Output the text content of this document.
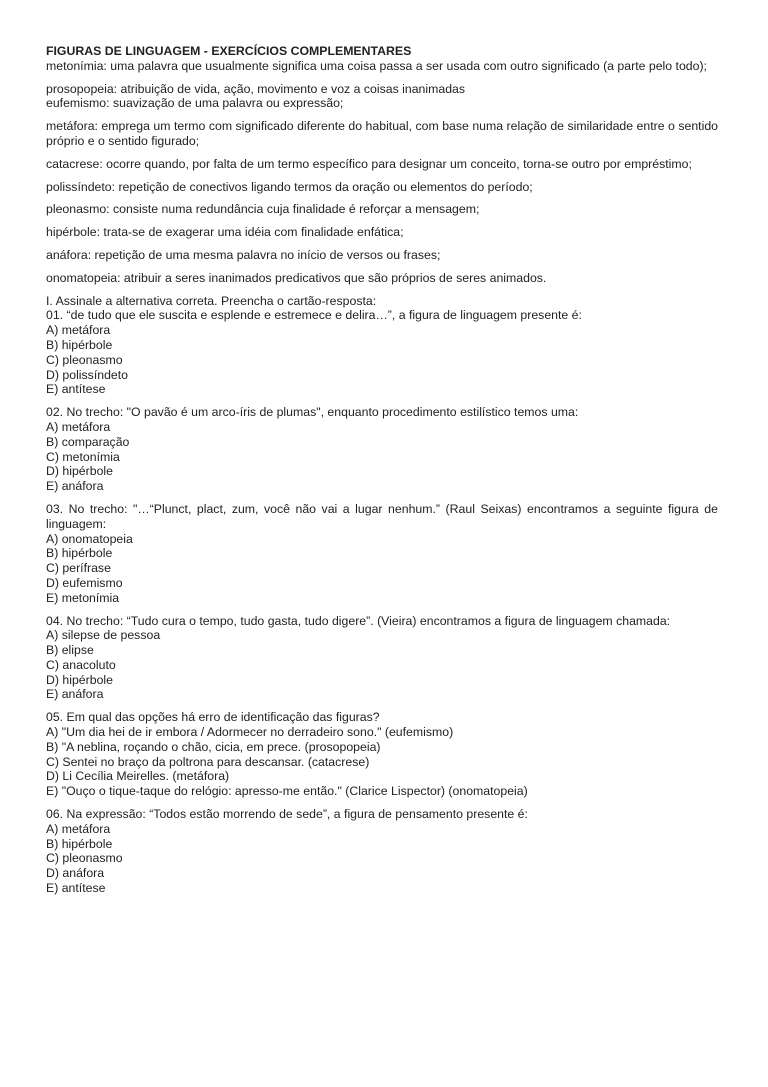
FIGURAS DE LINGUAGEM - EXERCÍCIOS COMPLEMENTARES

metonímia: uma palavra que usualmente significa uma coisa passa a ser usada com outro significado (a parte pelo todo);

prosopopeia: atribuição de vida, ação, movimento e voz a coisas inanimadas

eufemismo: suavização de uma palavra ou expressão;

metáfora: emprega um termo com significado diferente do habitual, com base numa relação de similaridade entre o sentido próprio e o sentido figurado;

catacrese: ocorre quando, por falta de um termo específico para designar um conceito, torna-se outro por empréstimo;

polissíndeto: repetição de conectivos ligando termos da oração ou elementos do período;

pleonasmo: consiste numa redundância cuja finalidade é reforçar a mensagem;

hipérbole: trata-se de exagerar uma idéia com finalidade enfática;

anáfora: repetição de uma mesma palavra no início de versos ou frases;

onomatopeia: atribuir a seres inanimados predicativos que são próprios de seres animados.

I. Assinale a alternativa correta. Preencha o cartão-resposta:

01. “de tudo que ele suscita e esplende e estremece e delira…”, a figura de linguagem presente é:

A) metáfora

B) hipérbole

C) pleonasmo

D) polissíndeto

E) antítese

02. No trecho: "O pavão é um arco-íris de plumas", enquanto procedimento estilístico temos uma:

A) metáfora

B) comparação

C) metonímia

D) hipérbole

E) anáfora

03. No trecho: "…“Plunct, plact, zum, você não vai a lugar nenhum.” (Raul Seixas) encontramos a seguinte figura de linguagem:

A) onomatopeia

B) hipérbole

C) perífrase

D) eufemismo

E) metonímia

04. No trecho: “Tudo cura o tempo, tudo gasta, tudo digere”. (Vieira) encontramos a figura de linguagem chamada:

A) silepse de pessoa

B) elipse

C) anacoluto

D) hipérbole

E) anáfora

05. Em qual das opções há erro de identificação das figuras?

A) "Um dia hei de ir embora / Adormecer no derradeiro sono." (eufemismo)

B) "A neblina, roçando o chão, cicia, em prece. (prosopopeia)

C) Sentei no braço da poltrona para descansar. (catacrese)

D) Li Cecília Meirelles. (metáfora)

E) "Ouço o tique-taque do relógio: apresso-me então." (Clarice Lispector) (onomatopeia)

06. Na expressão: “Todos estão morrendo de sede”, a figura de pensamento presente é:

A) metáfora

B) hipérbole

C) pleonasmo

D) anáfora

E) antítese
